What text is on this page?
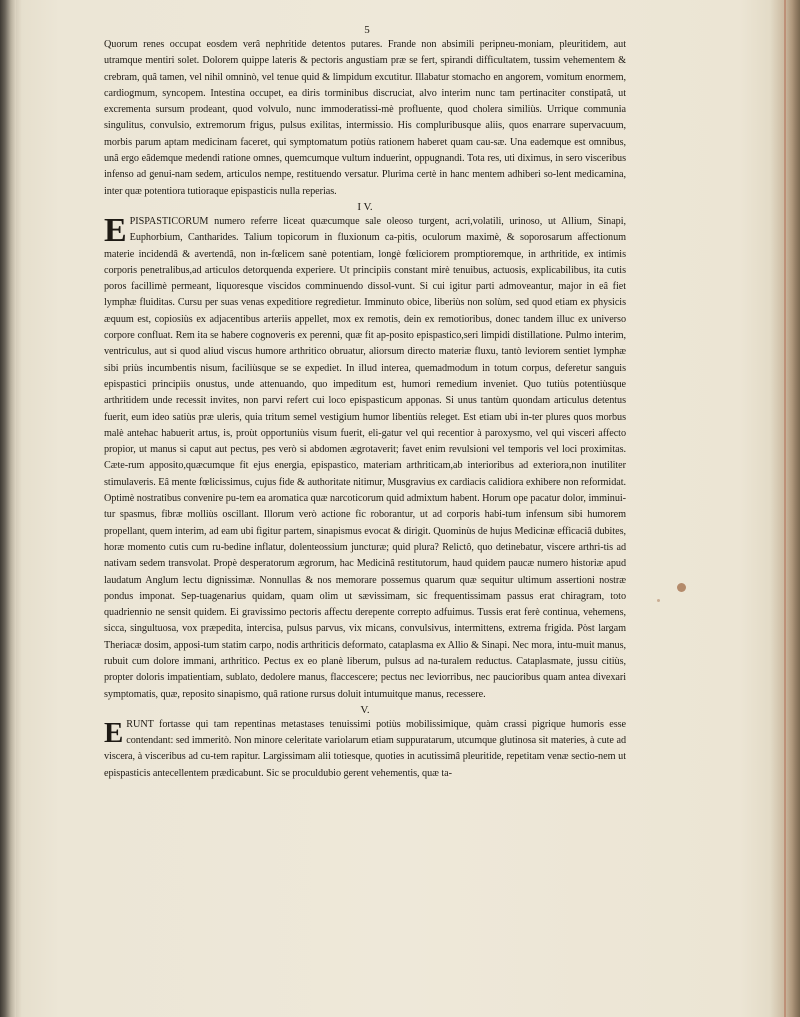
5

Quorum renes occupat eosdem verâ nephritide detentos putares. Frande non absimili peripneu-moniam, pleuritidem, aut utramque mentiri solet. Dolorem quippe lateris & pectoris angustiam præ se fert, spirandi difficultatem, tussim vehementem & crebram, quâ tamen, vel nihil omninò, vel tenue quid & limpidum excutitur. Illabatur stomacho en angorem, vomitum enormem, cardiogmum, syncopem. Intestina occupet, ea diris torminibus discruciat, alvo interim nunc tam pertinaciter constipatâ, ut excrementa sursum prodeant, quod volvulo, nunc immoderatissi-mè profluente, quod cholera similiùs. Urrique communia singulitus, convulsio, extremorum frigus, pulsus exilitas, intermissio. His compluribusque aliis, quos enarrare supervacuum, morbis parum aptam medicinam faceret, qui symptomatum potiùs rationem haberet quam cau-sæ. Una eademque est omnibus, unâ ergo eâdemque medendi ratione omnes, quemcumque vultum induerint, oppugnandi. Tota res, uti diximus, in sero visceribus infenso ad genui-nam sedem, articulos nempe, restituendo versatur. Plurima certè in hanc mentem adhiberi so-lent medicamina, inter quæ potentiora tutioraque epispasticis nulla reperias.

I V.

EPISPASTICORUM numero referre liceat quæcumque sale oleoso turgent, acri,volatili, urinoso, ut Allium, Sinapi, Euphorbium, Cantharides. Talium topicorum in fluxionum ca-pitis, oculorum maximè, & soporosarum affectionum materie incidendâ & avertendâ, non in-fœlicem sanè potentiam, longè fœliciorem promptioremque, in arthritide, ex intimis corporis penetralibus,ad articulos detorquenda experiere. Ut principiis constant mirè tenuibus, actuosis, explicabilibus, ita cutis poros facillimè permeant, liquoresque viscidos comminuendo dissol-vunt. Si cui igitur parti admoveantur, major in eâ fiet lymphæ fluiditas. Cursu per suas venas expeditiore regredietur. Imminuto obice, liberiùs non solùm, sed quod etiam ex physicis æquum est, copiosiùs ex adjacentibus arteriis appellet, mox ex remotis, dein ex remotioribus, donec tandem illuc ex universo corpore confluat. Rem ita se habere cognoveris ex perenni, quæ fit ap-posito epispastico,seri limpidi distillatione. Pulmo interim, ventriculus, aut si quod aliud viscus humore arthritico obruatur, aliorsum directo materiæ fluxu, tantò leviorem sentiet lymphæ sibi priùs incumbentis nisum, faciliùsque se se expediet. In illud interea, quemadmodum in totum corpus, deferetur sanguis epispastici principiis onustus, unde attenuando, quo impeditum est, humori remedium inveniet. Quo tutiùs potentiùsque arthritidem unde recessit invites, non parvi refert cui loco epispasticum apponas. Si unus tantùm quondam articulus detentus fuerit, eum ideo satiùs præ uleris, quia tritum semel vestigium humor libentiùs releget. Est etiam ubi in-ter plures quos morbus malè antehac habuerit artus, is, proùt opportuniùs visum fuerit, eli-gatur vel qui recentior à paroxysmo, vel qui visceri affecto propior, ut manus si caput aut pectus, pes verò si abdomen ægrotaverit; favet enim revulsioni vel temporis vel loci proximitas. Cæte-rum apposito,quæcumque fit ejus energia, epispastico, materiam arthriticam,ab interioribus ad exteriora,non inutiliter stimulaveris. Eâ mente fœlicissimus, cujus fide & authoritate nitimur, Musgravius ex cardiacis calidiora exhibere non reformidat. Optimè nostratibus convenire pu-tem ea aromatica quæ narcoticorum quid admixtum habent. Horum ope pacatur dolor, imminui-tur spasmus, fibræ molliùs oscillant. Illorum verò actione fic roborantur, ut ad corporis habi-tum infensum sibi humorem propellant, quem interim, ad eam ubi figitur partem, sinapismus evocat & dirigit. Quominùs de hujus Medicinæ efficaciâ dubites, horæ momento cutis cum ru-bedine inflatur, dolenteossium juncturæ; quid plura? Relictô, quo detinebatur, viscere arthri-tis ad nativam sedem transvolat. Propè desperatorum ægrorum, hac Medicinâ restitutorum, haud quidem paucæ numero historiæ apud laudatum Anglum lectu dignissimæ. Nonnullas & nos memorare possemus quarum quæ sequitur ultimum assertioni nostræ pondus imponat. Sep-tuagenarius quidam, quam olim ut sævissimam, sic frequentissimam passus erat chiragram, toto quadriennio ne sensit quidem. Ei gravissimo pectoris affectu derepente correpto adfuimus. Tussis erat ferè continua, vehemens, sicca, singultuosa, vox præpedita, intercisa, pulsus parvus, vix micans, convulsivus, intermittens, extrema frigida. Pòst largam Theriacæ dosim, apposi-tum statim carpo, nodis arthriticis deformato, cataplasma ex Allio & Sinapi. Nec mora, intu-muit manus, rubuit cum dolore immani, arthritico. Pectus ex eo planè liberum, pulsus ad na-turalem reductus. Cataplasmate, jussu citiùs, propter doloris impatientiam, sublato, dedolere manus, flaccescere; pectus nec leviorribus, nec paucioribus quam antea divexari symptomatis, quæ, reposito sinapismo, quâ ratione rursus doluit intumuitque manus, recessere.

V.

ERUNT fortasse qui tam repentinas metastases tenuissimi potiùs mobilissimique, quàm crassi pigrique humoris esse contendant: sed immeritò. Non minore celeritate variolarum etiam suppuratarum, utcumque glutinosa sit materies, à cute ad viscera, à visceribus ad cu-tem rapitur. Largissimam alii totiesque, quoties in acutissimâ pleuritide, repetitam venæ sectio-nem ut epispasticis antecellentem prædicabunt. Sic se proculdubio gerent vehementis, quæ ta-
